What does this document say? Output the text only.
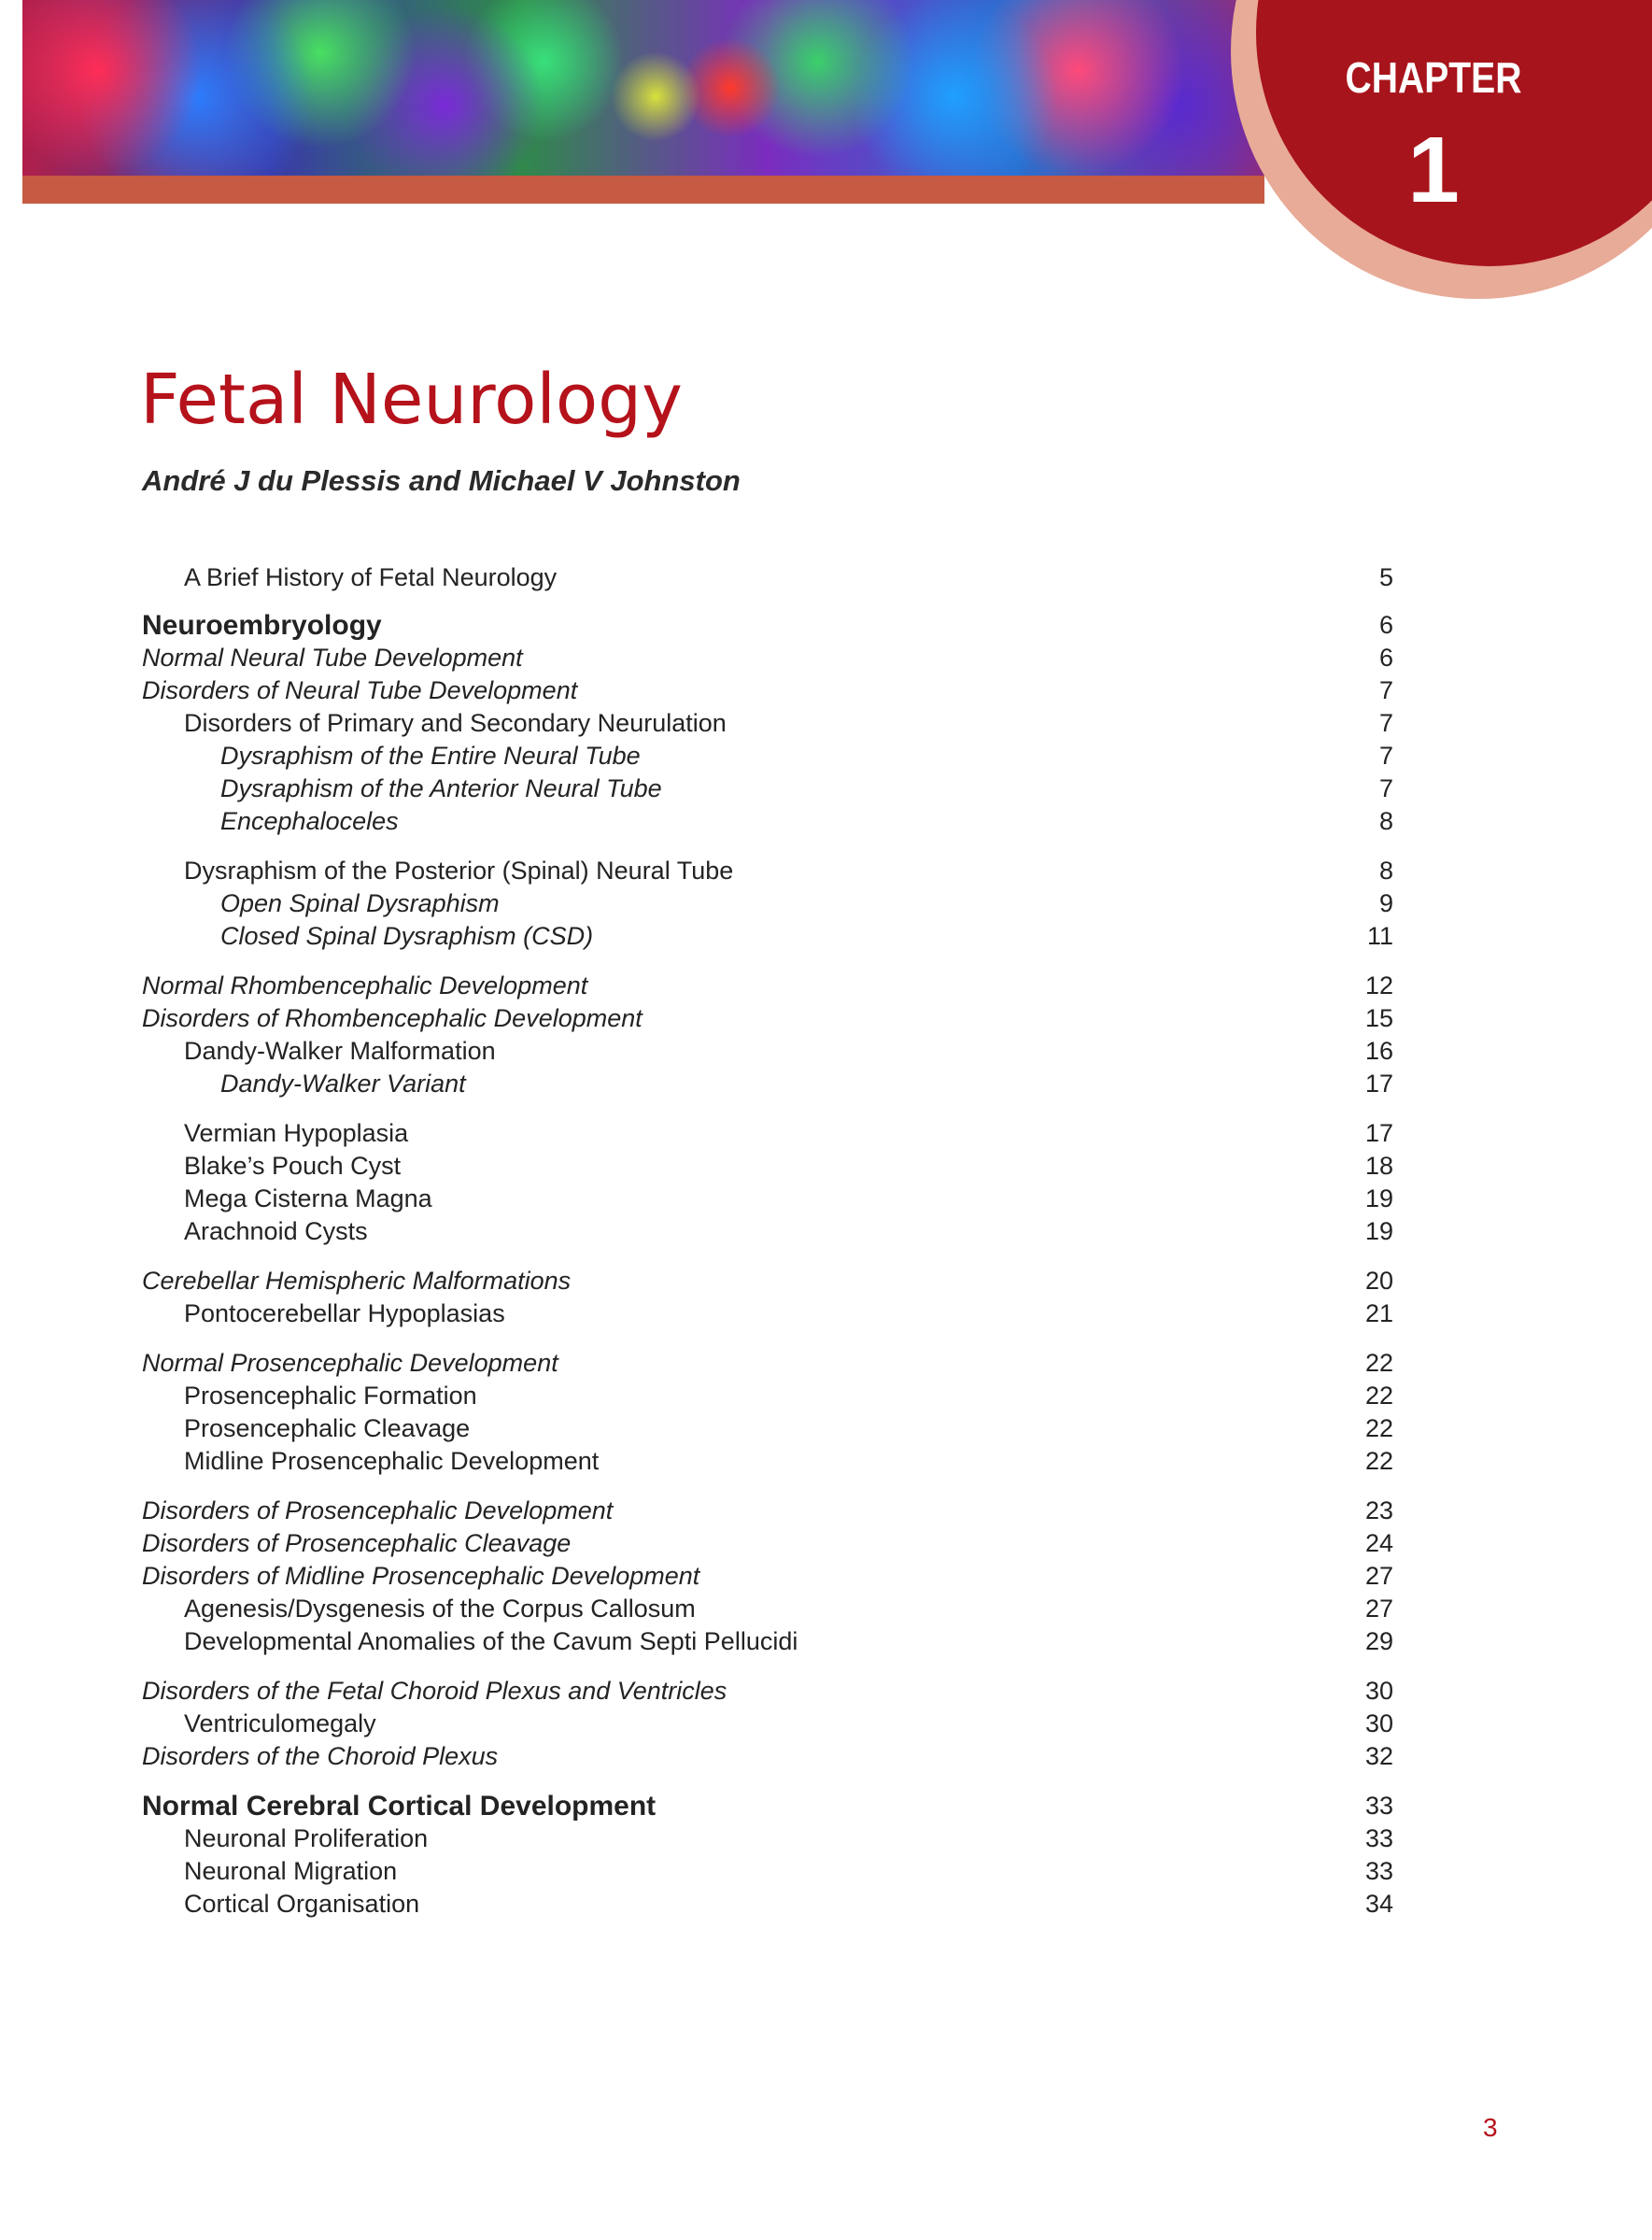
CHAPTER
1
Fetal Neurology
André J du Plessis and Michael V Johnston
A Brief History of Fetal Neurology	5
Neuroembryology	6
Normal Neural Tube Development	6
Disorders of Neural Tube Development	7
Disorders of Primary and Secondary Neurulation	7
Dysraphism of the Entire Neural Tube	7
Dysraphism of the Anterior Neural Tube	7
Encephaloceles	8
Dysraphism of the Posterior (Spinal) Neural Tube	8
Open Spinal Dysraphism	9
Closed Spinal Dysraphism (CSD)	11
Normal Rhombencephalic Development	12
Disorders of Rhombencephalic Development	15
Dandy-Walker Malformation	16
Dandy-Walker Variant	17
Vermian Hypoplasia	17
Blake’s Pouch Cyst	18
Mega Cisterna Magna	19
Arachnoid Cysts	19
Cerebellar Hemispheric Malformations	20
Pontocerebellar Hypoplasias	21
Normal Prosencephalic Development	22
Prosencephalic Formation	22
Prosencephalic Cleavage	22
Midline Prosencephalic Development	22
Disorders of Prosencephalic Development	23
Disorders of Prosencephalic Cleavage	24
Disorders of Midline Prosencephalic Development	27
Agenesis/Dysgenesis of the Corpus Callosum	27
Developmental Anomalies of the Cavum Septi Pellucidi	29
Disorders of the Fetal Choroid Plexus and Ventricles	30
Ventriculomegaly	30
Disorders of the Choroid Plexus	32
Normal Cerebral Cortical Development	33
Neuronal Proliferation	33
Neuronal Migration	33
Cortical Organisation	34
3
